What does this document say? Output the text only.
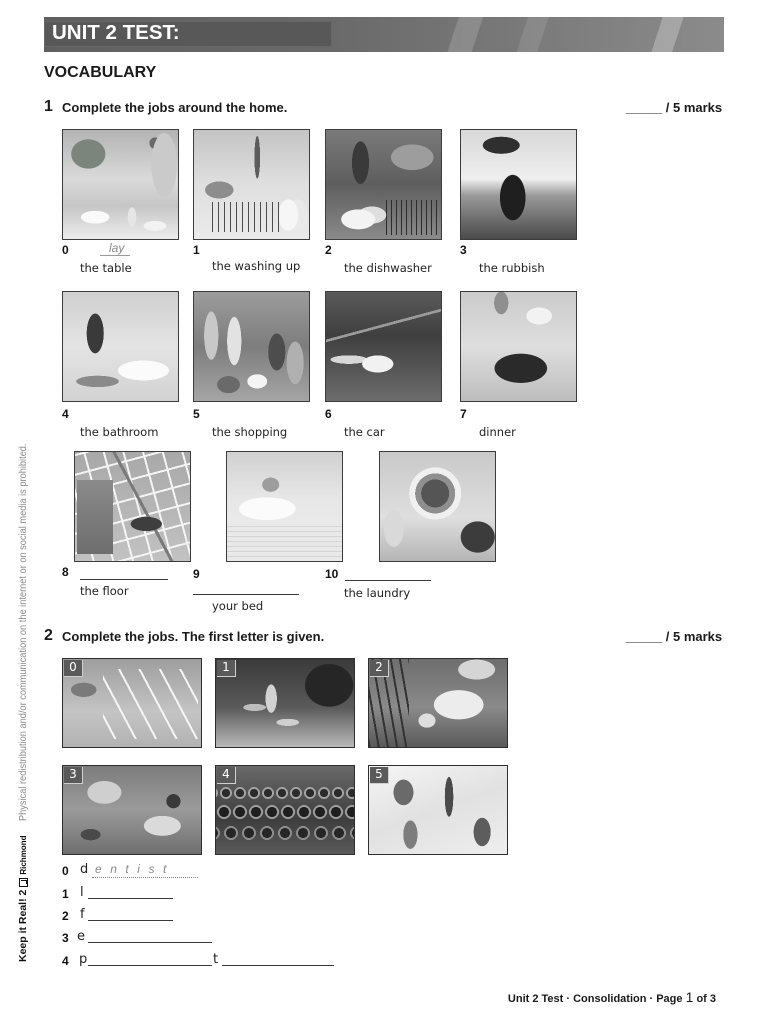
UNIT 2 TEST:
VOCABULARY
1 Complete the jobs around the home.	_____ / 5 marks
0	lay
the table
1
the washing up
2
the dishwasher
3
the rubbish
4
the bathroom
5
the shopping
6
the car
7
dinner
8
the floor
9
your bed
10
the laundry
2 Complete the jobs. The first letter is given.	_____ / 5 marks
0	1	2
3	4	5
0 d e n t i s t
1 l
2 f
3 e
4 p	t
Physical redistribution and/or communication on the internet or on social media is prohibited.
Keep it Real! 2
Richmond
Unit 2 Test · Consolidation · Page 1 of 3
